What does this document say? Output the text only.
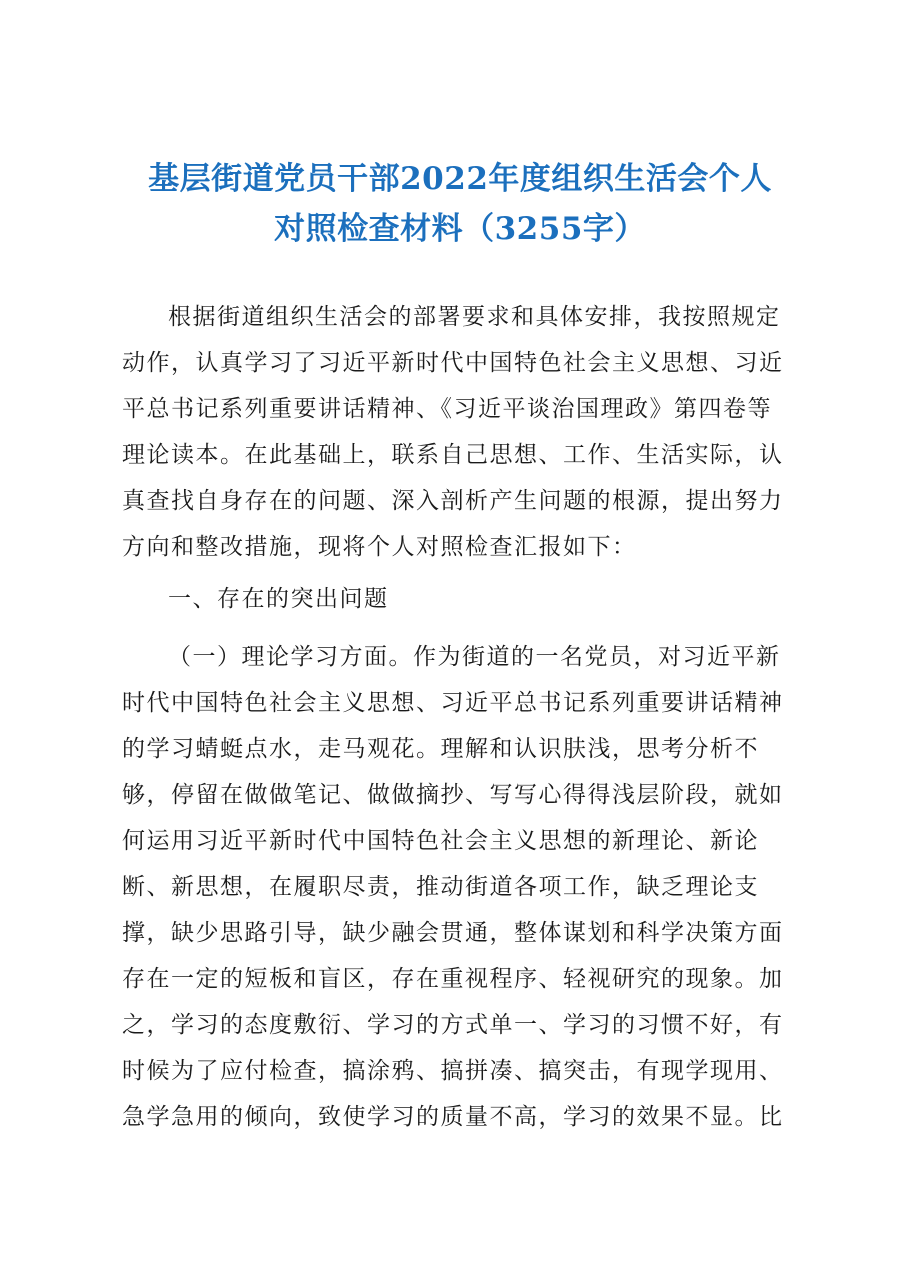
基层街道党员干部2022年度组织生活会个人
对照检查材料（3255字）
根据街道组织生活会的部署要求和具体安排，我按照规定
动作，认真学习了习近平新时代中国特色社会主义思想、习近
平总书记系列重要讲话精神、《习近平谈治国理政》第四卷等
理论读本。在此基础上，联系自己思想、工作、生活实际，认
真查找自身存在的问题、深入剖析产生问题的根源，提出努力
方向和整改措施，现将个人对照检查汇报如下：
一、存在的突出问题
（一）理论学习方面。作为街道的一名党员，对习近平新
时代中国特色社会主义思想、习近平总书记系列重要讲话精神
的学习蜻蜓点水，走马观花。理解和认识肤浅，思考分析不
够，停留在做做笔记、做做摘抄、写写心得得浅层阶段，就如
何运用习近平新时代中国特色社会主义思想的新理论、新论
断、新思想，在履职尽责，推动街道各项工作，缺乏理论支
撑，缺少思路引导，缺少融会贯通，整体谋划和科学决策方面
存在一定的短板和盲区，存在重视程序、轻视研究的现象。加
之，学习的态度敷衍、学习的方式单一、学习的习惯不好，有
时候为了应付检查，搞涂鸦、搞拼凑、搞突击，有现学现用、
急学急用的倾向，致使学习的质量不高，学习的效果不显。比
